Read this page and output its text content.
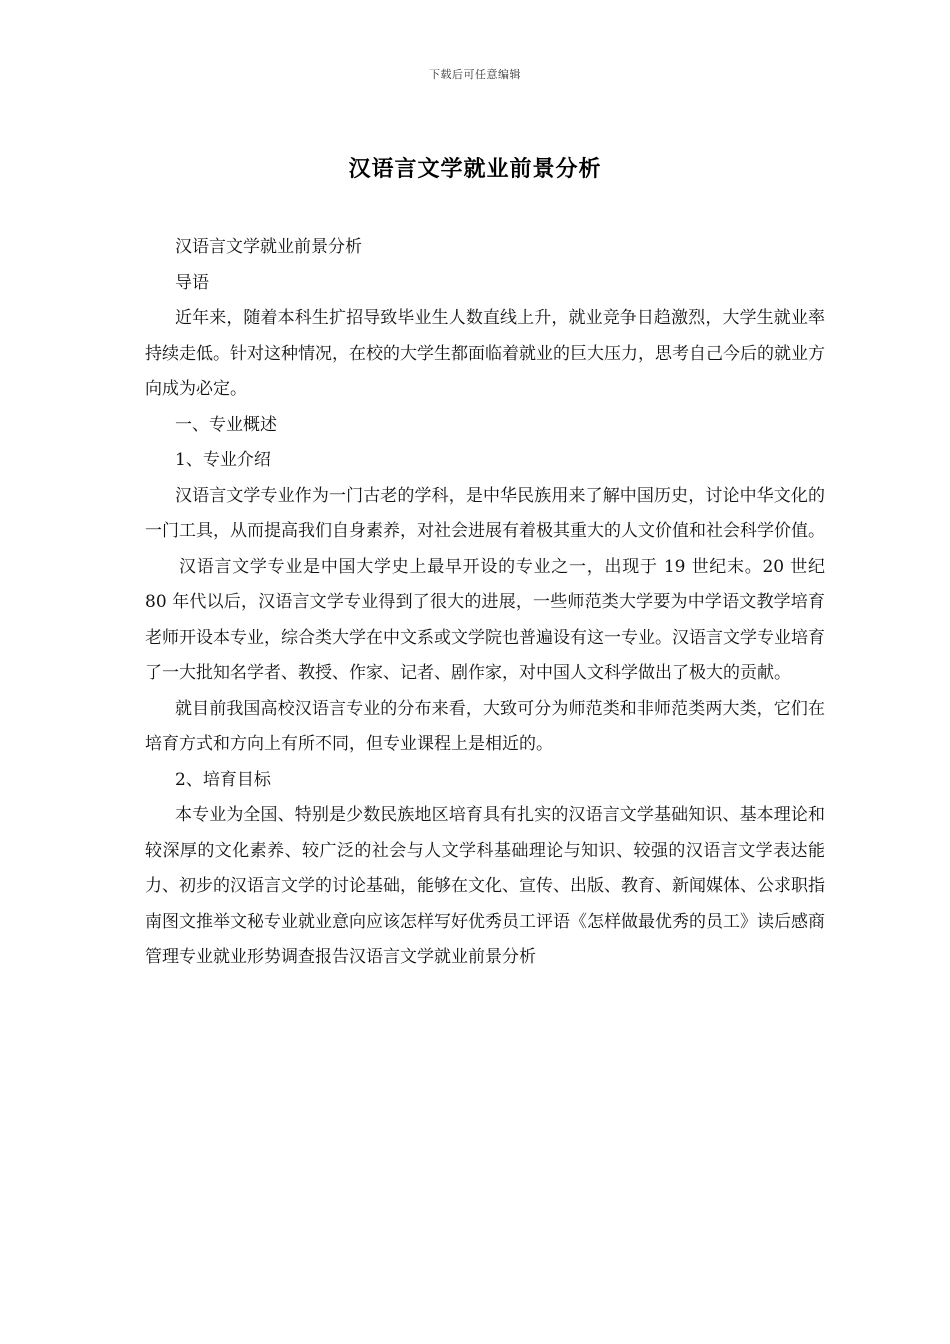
下载后可任意编辑
汉语言文学就业前景分析

汉语言文学就业前景分析

导语

近年来，随着本科生扩招导致毕业生人数直线上升，就业竞争日趋激烈，大学生就业率持续走低。针对这种情况，在校的大学生都面临着就业的巨大压力，思考自己今后的就业方向成为必定。

一、专业概述

1、专业介绍

汉语言文学专业作为一门古老的学科，是中华民族用来了解中国历史，讨论中华文化的一门工具，从而提高我们自身素养，对社会进展有着极其重大的人文价值和社会科学价值。

汉语言文学专业是中国大学史上最早开设的专业之一，出现于 19 世纪末。20 世纪 80 年代以后，汉语言文学专业得到了很大的进展，一些师范类大学要为中学语文教学培育老师开设本专业，综合类大学在中文系或文学院也普遍设有这一专业。汉语言文学专业培育了一大批知名学者、教授、作家、记者、剧作家，对中国人文科学做出了极大的贡献。

就目前我国高校汉语言专业的分布来看，大致可分为师范类和非师范类两大类，它们在培育方式和方向上有所不同，但专业课程上是相近的。

2、培育目标

本专业为全国、特别是少数民族地区培育具有扎实的汉语言文学基础知识、基本理论和较深厚的文化素养、较广泛的社会与人文学科基础理论与知识、较强的汉语言文学表达能力、初步的汉语言文学的讨论基础，能够在文化、宣传、出版、教育、新闻媒体、公求职指南图文推举文秘专业就业意向应该怎样写好优秀员工评语《怎样做最优秀的员工》读后感商管理专业就业形势调查报告汉语言文学就业前景分析
